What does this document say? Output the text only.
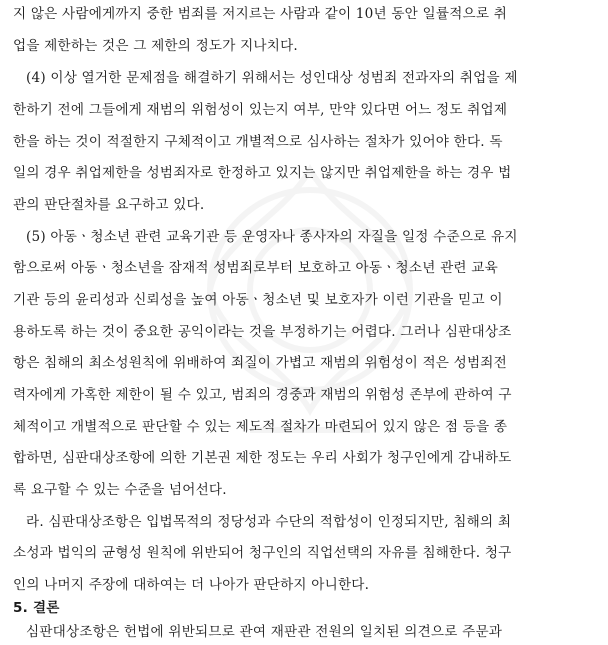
지 않은 사람에게까지 중한 범죄를 저지르는 사람과 같이 10년 동안 일률적으로 취
업을 제한하는 것은 그 제한의 정도가 지나치다.
(4) 이상 열거한 문제점을 해결하기 위해서는 성인대상 성범죄 전과자의 취업을 제
한하기 전에 그들에게 재범의 위험성이 있는지 여부, 만약 있다면 어느 정도 취업제
한을 하는 것이 적절한지 구체적이고 개별적으로 심사하는 절차가 있어야 한다. 독
일의 경우 취업제한을 성범죄자로 한정하고 있지는 않지만 취업제한을 하는 경우 법
관의 판단절차를 요구하고 있다.
(5) 아동ㆍ청소년 관련 교육기관 등 운영자나 종사자의 자질을 일정 수준으로 유지
함으로써 아동ㆍ청소년을 잠재적 성범죄로부터 보호하고 아동ㆍ청소년 관련 교육
기관 등의 윤리성과 신뢰성을 높여 아동ㆍ청소년 및 보호자가 이런 기관을 믿고 이
용하도록 하는 것이 중요한 공익이라는 것을 부정하기는 어렵다. 그러나 심판대상조
항은 침해의 최소성원칙에 위배하여 죄질이 가볍고 재범의 위험성이 적은 성범죄전
력자에게 가혹한 제한이 될 수 있고, 범죄의 경중과 재범의 위험성 존부에 관하여 구
체적이고 개별적으로 판단할 수 있는 제도적 절차가 마련되어 있지 않은 점 등을 종
합하면, 심판대상조항에 의한 기본권 제한 정도는 우리 사회가 청구인에게 감내하도
록 요구할 수 있는 수준을 넘어선다.
라. 심판대상조항은 입법목적의 정당성과 수단의 적합성이 인정되지만, 침해의 최
소성과 법익의 균형성 원칙에 위반되어 청구인의 직업선택의 자유를 침해한다. 청구
인의 나머지 주장에 대하여는 더 나아가 판단하지 아니한다.
5. 결론
심판대상조항은 헌법에 위반되므로 관여 재판관 전원의 일치된 의견으로 주문과
